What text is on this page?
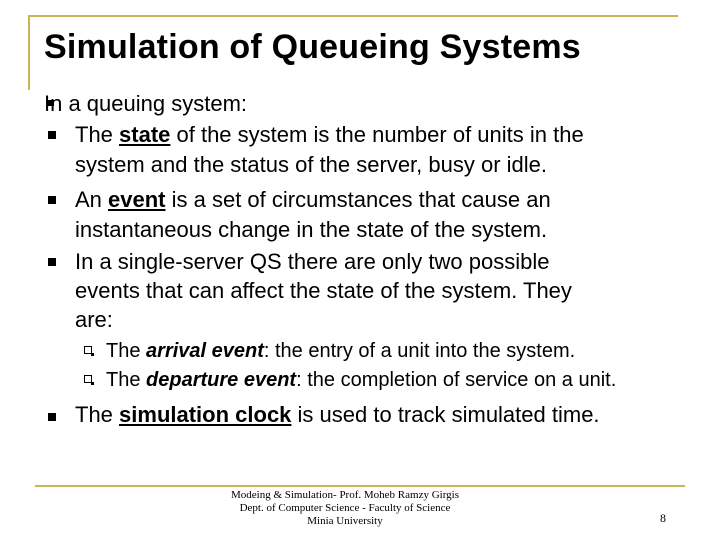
Simulation of Queueing Systems
In a queuing system:
The state of the system is the number of units in the
system and the status of the server, busy or idle.
An event is a set of circumstances that cause an
instantaneous change in the state of the system.
In a single-server QS there are only two possible
events that can affect the state of the system. They
are:
The arrival event: the entry of a unit into the system.
The departure event: the completion of service on a unit.
The simulation clock is used to track simulated time.
Modeing & Simulation- Prof. Moheb Ramzy Girgis
Dept. of Computer Science - Faculty of Science
Minia University	8
